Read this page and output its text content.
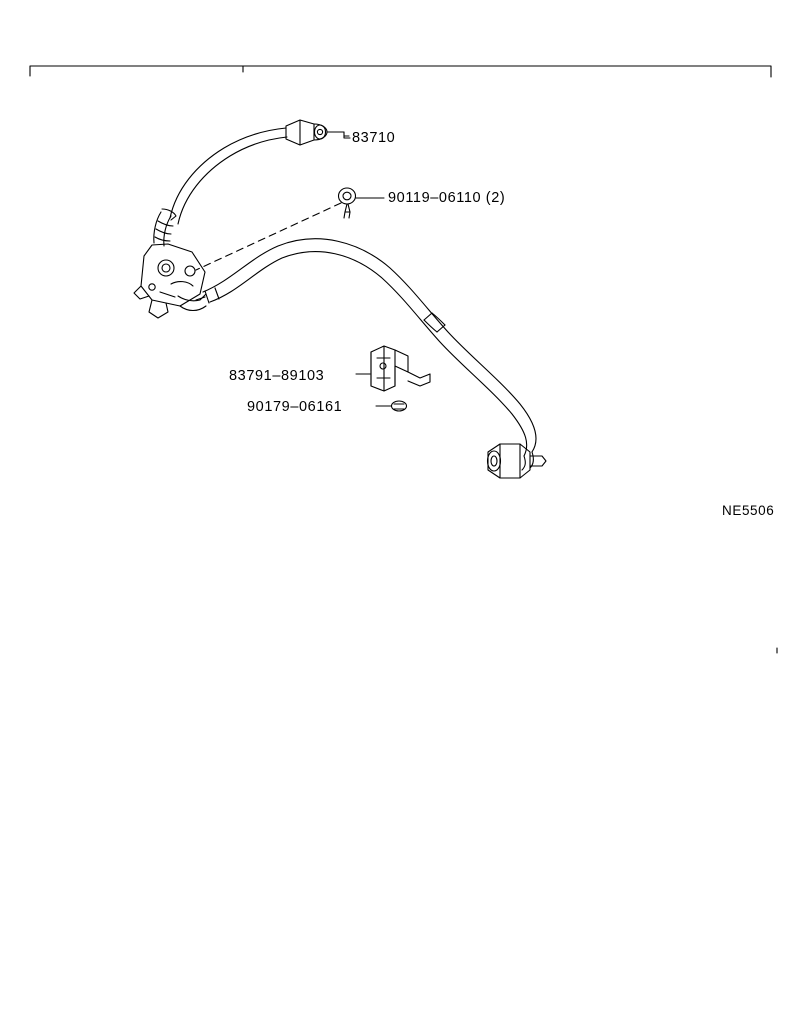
83710
90119–06110 (2)
83791–89103
90179–06161
NE5506
